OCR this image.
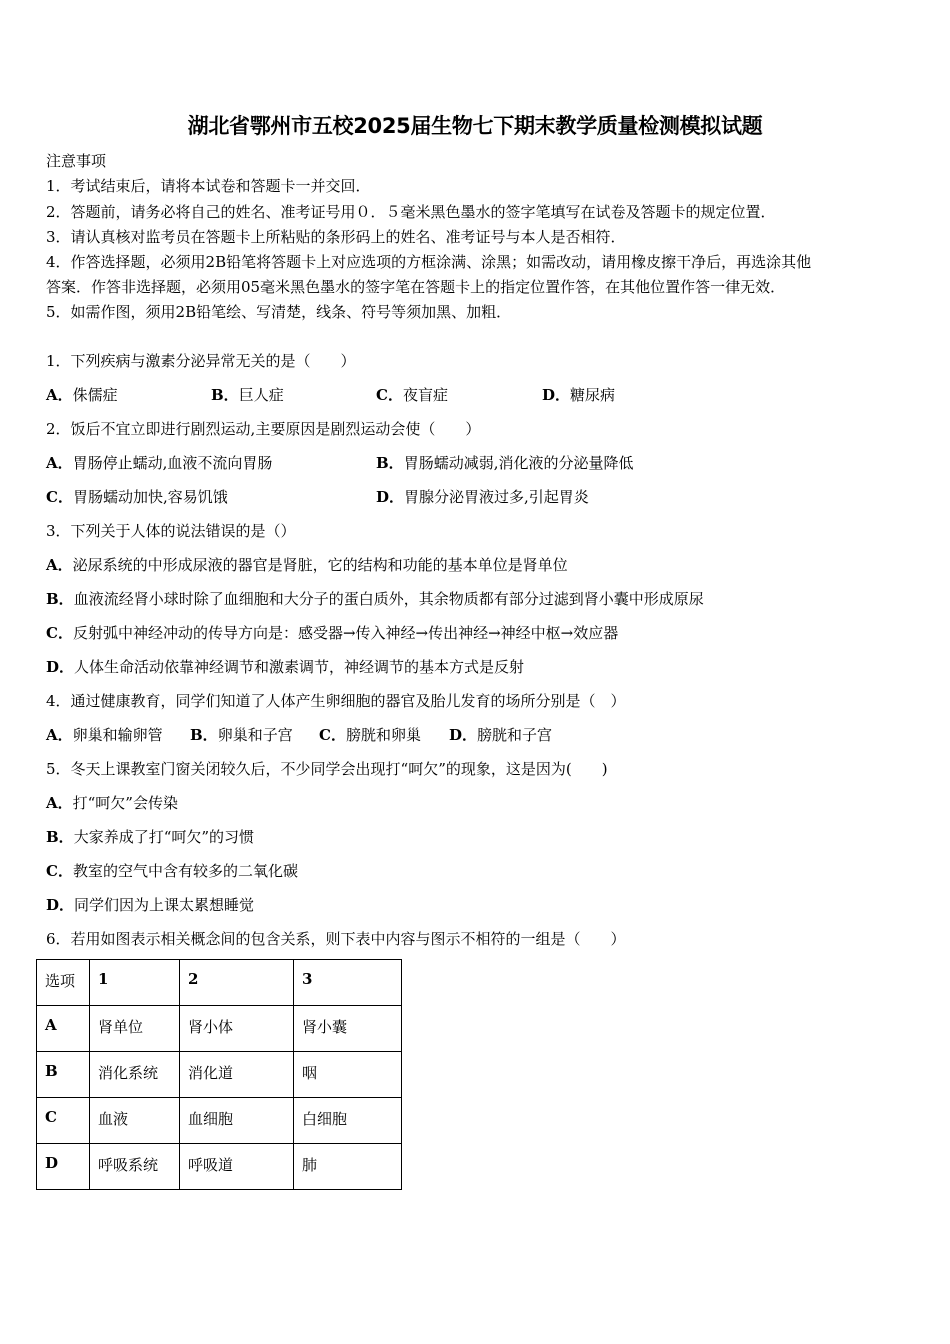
湖北省鄂州市五校2025届生物七下期末教学质量检测模拟试题
注意事项
1．考试结束后，请将本试卷和答题卡一并交回．
2．答题前，请务必将自己的姓名、准考证号用０．５毫米黑色墨水的签字笔填写在试卷及答题卡的规定位置．
3．请认真核对监考员在答题卡上所粘贴的条形码上的姓名、准考证号与本人是否相符．
4．作答选择题，必须用2B铅笔将答题卡上对应选项的方框涂满、涂黑；如需改动，请用橡皮擦干净后，再选涂其他
答案．作答非选择题，必须用05毫米黑色墨水的签字笔在答题卡上的指定位置作答，在其他位置作答一律无效．
5．如需作图，须用2B铅笔绘、写清楚，线条、符号等须加黑、加粗．
1．下列疾病与激素分泌异常无关的是（　　）
A．侏儒症	B．巨人症	C．夜盲症	D．糖尿病
2．饭后不宜立即进行剧烈运动,主要原因是剧烈运动会使（　　）
A．胃肠停止蠕动,血液不流向胃肠	B．胃肠蠕动减弱,消化液的分泌量降低
C．胃肠蠕动加快,容易饥饿	D．胃腺分泌胃液过多,引起胃炎
3．下列关于人体的说法错误的是（）
A．泌尿系统的中形成尿液的器官是肾脏，它的结构和功能的基本单位是肾单位
B．血液流经肾小球时除了血细胞和大分子的蛋白质外，其余物质都有部分过滤到肾小囊中形成原尿
C．反射弧中神经冲动的传导方向是：感受器→传入神经→传出神经→神经中枢→效应器
D．人体生命活动依靠神经调节和激素调节，神经调节的基本方式是反射
4．通过健康教育，同学们知道了人体产生卵细胞的器官及胎儿发育的场所分别是（　）
A．卵巢和输卵管 B．卵巢和子宫 C．膀胱和卵巢 D．膀胱和子宫
5．冬天上课教室门窗关闭较久后，不少同学会出现打“呵欠”的现象，这是因为(　　)
A．打“呵欠”会传染
B．大家养成了打“呵欠”的习惯
C．教室的空气中含有较多的二氧化碳
D．同学们因为上课太累想睡觉
6．若用如图表示相关概念间的包含关系，则下表中内容与图示不相符的一组是（　　）
选项	1	2	3
A	肾单位	肾小体	肾小囊
B	消化系统	消化道	咽
C	血液	血细胞	白细胞
D	呼吸系统	呼吸道	肺
